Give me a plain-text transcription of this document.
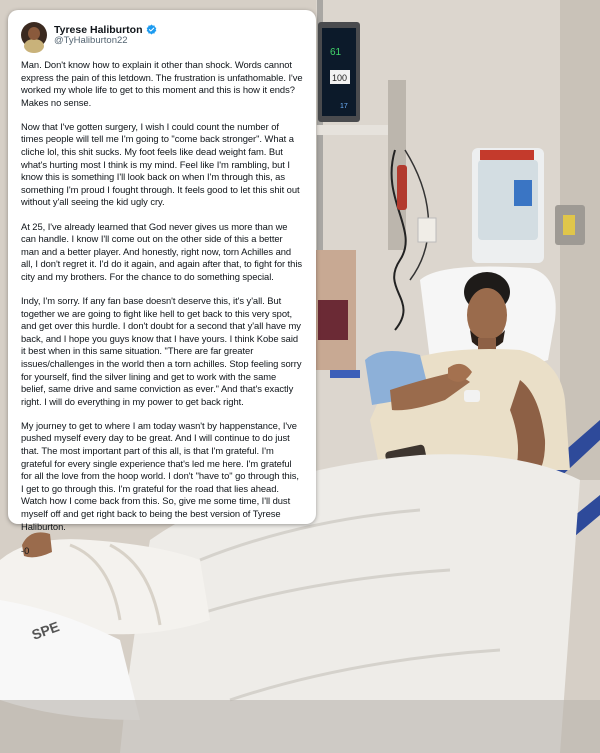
61
100
17
SPE
Tyrese Haliburton
@TyHaliburton22

Man. Don't know how to explain it other than shock. Words cannot express the pain of this letdown. The frustration is unfathomable. I've worked my whole life to get to this moment and this is how it ends? Makes no sense.

Now that I've gotten surgery, I wish I could count the number of times people will tell me I'm going to "come back stronger". What a cliche lol, this shit sucks. My foot feels like dead weight fam. But what's hurting most I think is my mind. Feel like I'm rambling, but I know this is something I'll look back on when I'm through this, as something I'm proud I fought through. It feels good to let this shit out without y'all seeing the kid ugly cry.

At 25, I've already learned that God never gives us more than we can handle. I know I'll come out on the other side of this a better man and a better player. And honestly, right now, torn Achilles and all, I don't regret it. I'd do it again, and again after that, to fight for this city and my brothers. For the chance to do something special.

Indy, I'm sorry. If any fan base doesn't deserve this, it's y'all. But together we are going to fight like hell to get back to this very spot, and get over this hurdle. I don't doubt for a second that y'all have my back, and I hope you guys know that I have yours. I think Kobe said it best when in this same situation. "There are far greater issues/challenges in the world then a torn achilles. Stop feeling sorry for yourself, find the silver lining and get to work with the same belief, same drive and same conviction as ever." And that's exactly right. I will do everything in my power to get back right.

My journey to get to where I am today wasn't by happenstance, I've pushed myself every day to be great. And I will continue to do just that. The most important part of this all, is that I'm grateful. I'm grateful for every single experience that's led me here. I'm grateful for all the love from the hoop world. I don't "have to" go through this, I get to go through this. I'm grateful for the road that lies ahead. Watch how I come back from this. So, give me some time, I'll dust myself off and get right back to being the best version of Tyrese Haliburton.

-0
